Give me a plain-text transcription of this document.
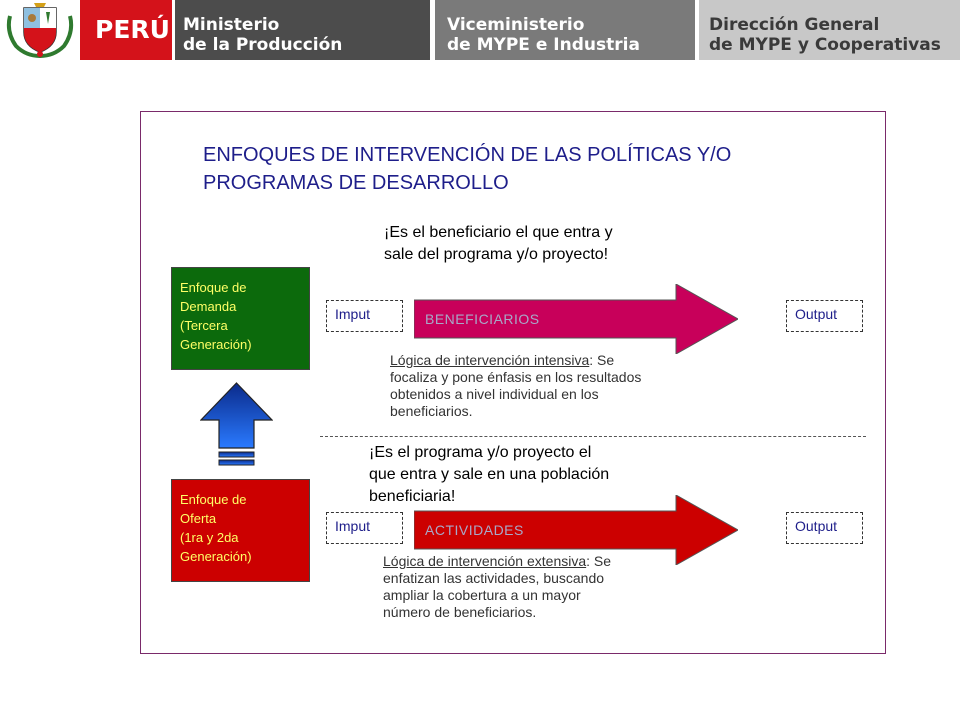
PERÚ Ministerio
de la Producción
Viceministerio
de MYPE e Industria
Dirección General
de MYPE y Cooperativas
ENFOQUES DE INTERVENCIÓN DE LAS POLÍTICAS Y/O
PROGRAMAS DE DESARROLLO
¡Es el beneficiario el que entra y
sale del programa y/o proyecto!
Enfoque de
Demanda
(Tercera
Generación)
BENEFICIARIOS
Imput	Output
Lógica de intervención intensiva: Se
focaliza y pone énfasis en los resultados
obtenidos a nivel individual en los
beneficiarios.
¡Es el programa y/o proyecto el
que entra y sale en una población
beneficiaria!
Enfoque de
Oferta
(1ra y 2da
Generación)
ACTIVIDADES
Imput	Output
Lógica de intervención extensiva: Se
enfatizan las actividades, buscando
ampliar la cobertura a un mayor
número de beneficiarios.
